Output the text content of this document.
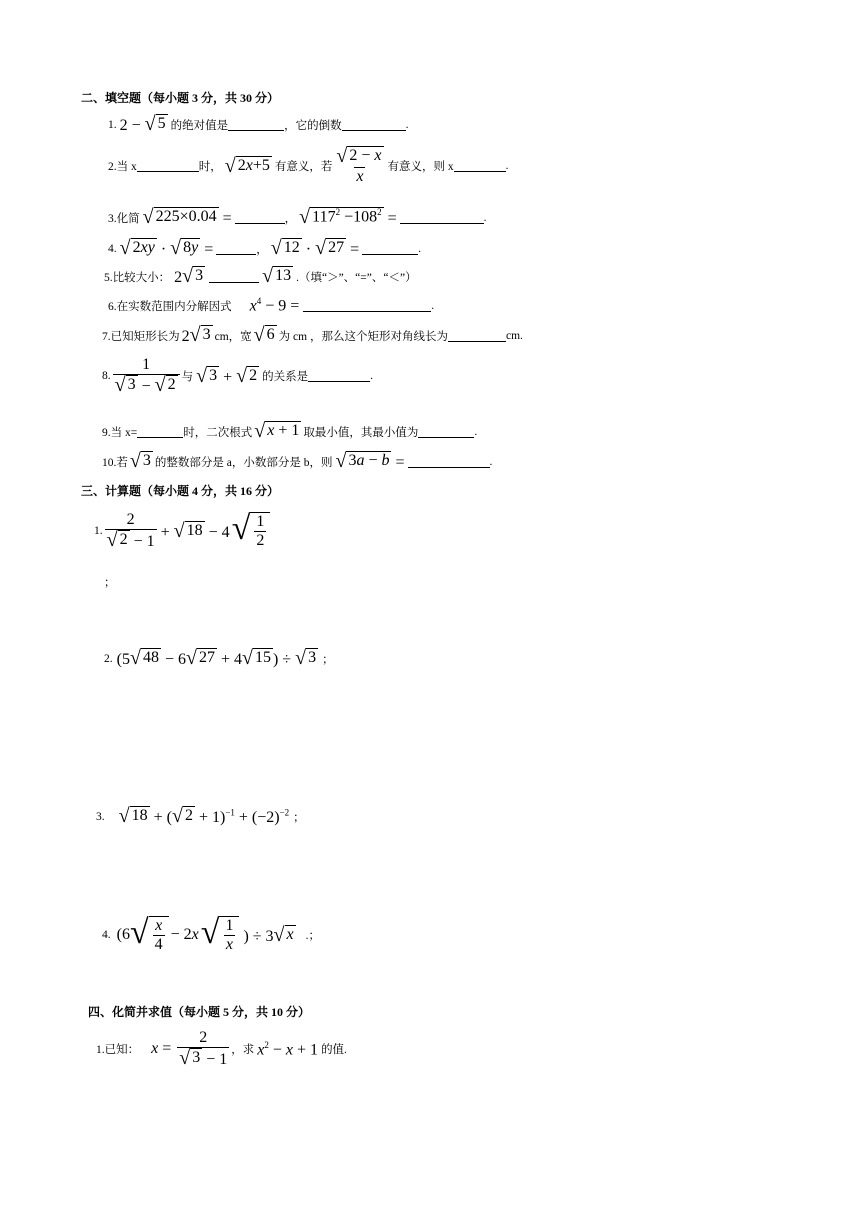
二、填空题（每小题 3 分，共 30 分）
1. 2 − √ 5 的绝对值是	，它的倒数	.
2.当 x	时， √ 2x+5 有意义，若 $\frac{√ 2 - x}{x}$ 有意义，则 x	.
3.化简 √ 225×0.04 =	， √ $117^2 -108^2$ =	.
4. √ 2xy · √ 8y =	， √ 12 · √ 27 =	.
5.比较大小： 2 √ 3	√ 13 .（填“＞”、“=”、“＜”）
6.在实数范围内分解因式 $x^4 - 9$ =	.
7.已知矩形长为 2 √ 3 cm，宽 √ 6 为 cm ，那么这个矩形对角线长为	cm.
8. $\frac{1}{√ 3 - √ 2}$ 与 √ 3 + √ 2 的关系是	.
9.当 x=	时，二次根式 √ x + 1 取最小值，其最小值为	.
10.若 √ 3 的整数部分是 a，小数部分是 b，则 √ 3a − b =	.
三、计算题（每小题 4 分，共 16 分）
1. $\frac{2}{√ 2 - 1}$ + √ 18 − 4 √ $\frac{1}{2}$
；
2. (5 √ 48 − 6 √ 27 + 4 √ 15 ) ÷ √ 3 ；
3. √ 18 + ( √ $2 + 1)^{-1} + (-2)^{-2}$ ；
4. (6 √ $\frac{x}{4} - 2x$ √ $\frac{1}{x}$ ) ÷ 3 √ x .；
四、化简并求值（每小题 5 分，共 10 分）
1.已知： $x = \frac{2}{√ 3 - 1}$ ，求 $x^2 - x + 1$ 的值.
